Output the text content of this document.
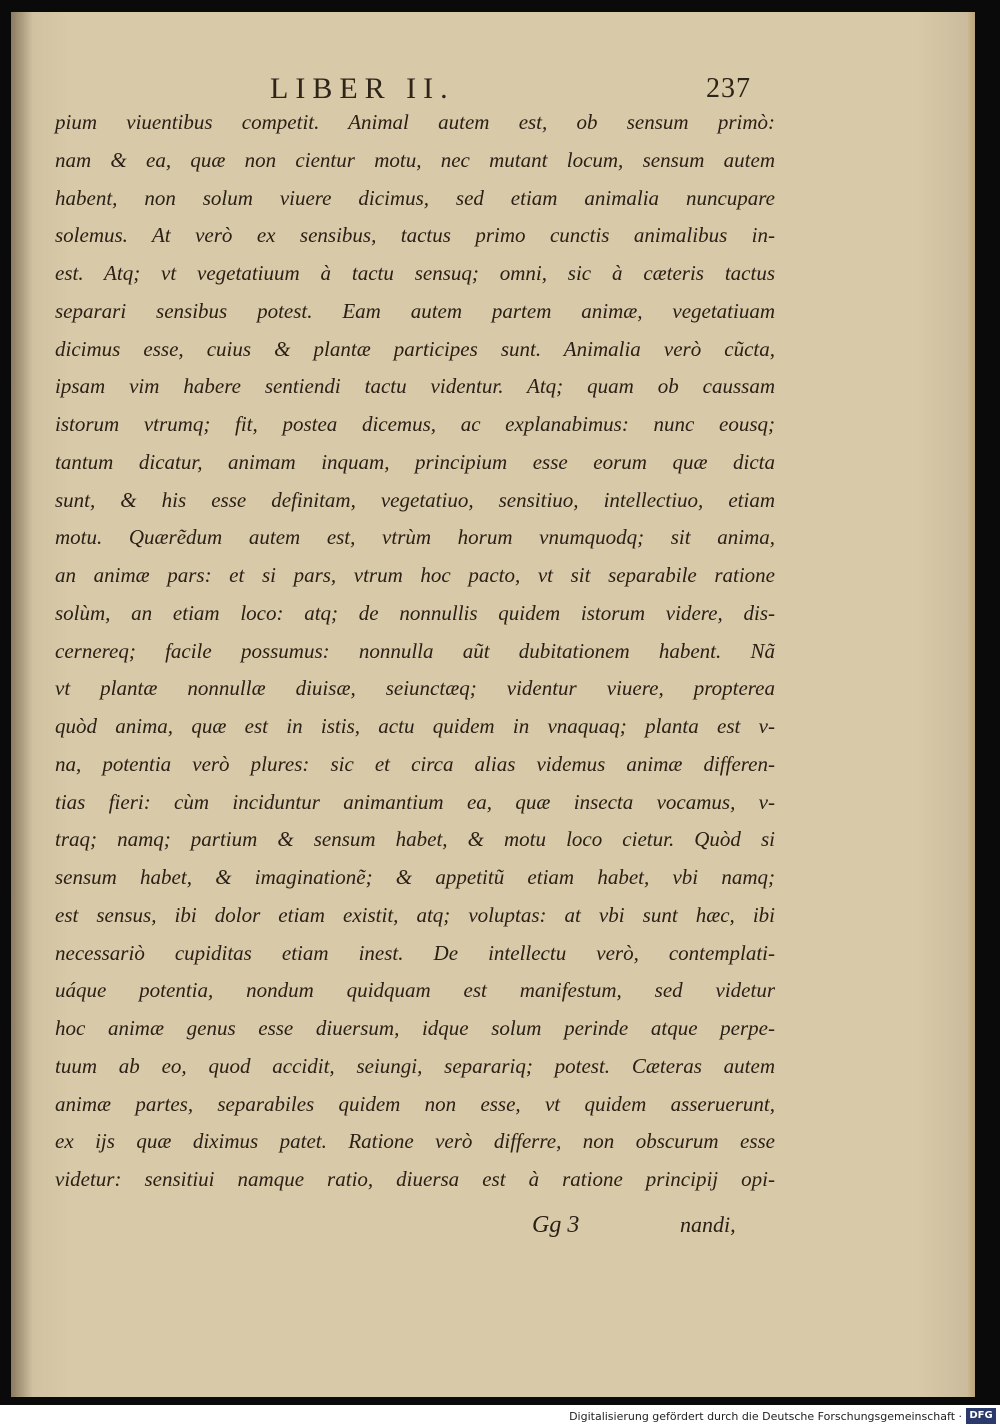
LIBER II.	237
pium viuentibus competit. Animal autem est, ob sensum primò:
nam & ea, quæ non cientur motu, nec mutant locum, sensum autem
habent, non solum viuere dicimus, sed etiam animalia nuncupare
solemus. At verò ex sensibus, tactus primo cunctis animalibus in-
est. Atq; vt vegetatiuum à tactu sensuq; omni, sic à cæteris tactus
separari sensibus potest. Eam autem partem animæ, vegetatiuam
dicimus esse, cuius & plantæ participes sunt. Animalia verò cũcta,
ipsam vim habere sentiendi tactu videntur. Atq; quam ob caussam
istorum vtrumq; fit, postea dicemus, ac explanabimus: nunc eousq;
tantum dicatur, animam inquam, principium esse eorum quæ dicta
sunt, & his esse definitam, vegetatiuo, sensitiuo, intellectiuo, etiam
motu. Quærẽdum autem est, vtrùm horum vnumquodq; sit anima,
an animæ pars: et si pars, vtrum hoc pacto, vt sit separabile ratione
solùm, an etiam loco: atq; de nonnullis quidem istorum videre, dis-
cernereq; facile possumus: nonnulla aũt dubitationem habent. Nã
vt plantæ nonnullæ diuisæ, seiunctæq; videntur viuere, propterea
quòd anima, quæ est in istis, actu quidem in vnaquaq; planta est v-
na, potentia verò plures: sic et circa alias videmus animæ differen-
tias fieri: cùm inciduntur animantium ea, quæ insecta vocamus, v-
traq; namq; partium & sensum habet, & motu loco cietur. Quòd si
sensum habet, & imaginationẽ; & appetitũ etiam habet, vbi namq;
est sensus, ibi dolor etiam existit, atq; voluptas: at vbi sunt hæc, ibi
necessariò cupiditas etiam inest. De intellectu verò, contemplati-
uáque potentia, nondum quidquam est manifestum, sed videtur
hoc animæ genus esse diuersum, idque solum perinde atque perpe-
tuum ab eo, quod accidit, seiungi, separariq; potest. Cæteras autem
animæ partes, separabiles quidem non esse, vt quidem asseruerunt,
ex ijs quæ diximus patet. Ratione verò differre, non obscurum esse
videtur: sensitiui namque ratio, diuersa est à ratione principij opi-
Gg 3	nandi,
Digitalisierung gefördert durch die Deutsche Forschungsgemeinschaft · DFG
